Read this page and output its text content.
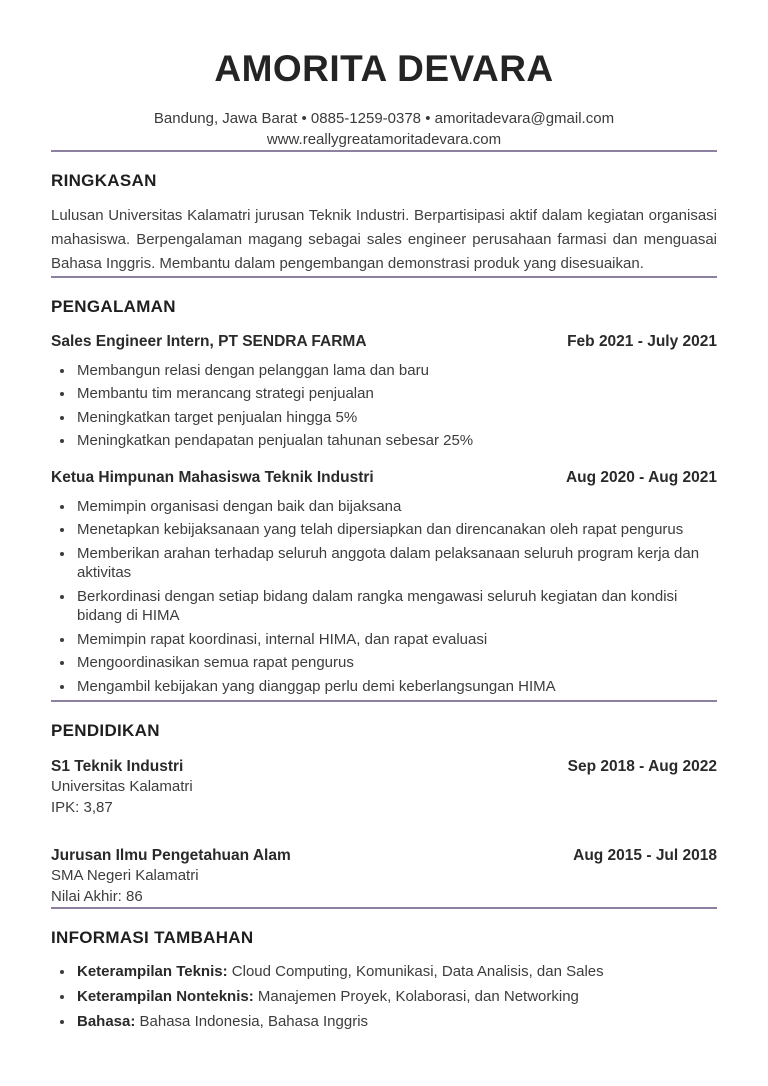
AMORITA DEVARA
Bandung, Jawa Barat • 0885-1259-0378 • amoritadevara@gmail.com
www.reallygreatamoritadevara.com
RINGKASAN

Lulusan Universitas Kalamatri jurusan Teknik Industri. Berpartisipasi aktif dalam kegiatan organisasi mahasiswa. Berpengalaman magang sebagai sales engineer perusahaan farmasi dan menguasai Bahasa Inggris. Membantu dalam pengembangan demonstrasi produk yang disesuaikan.

PENGALAMAN
Sales Engineer Intern, PT SENDRA FARMA	Feb 2021 - July 2021
• Membangun relasi dengan pelanggan lama dan baru
• Membantu tim merancang strategi penjualan
• Meningkatkan target penjualan hingga 5%
• Meningkatkan pendapatan penjualan tahunan sebesar 25%
Ketua Himpunan Mahasiswa Teknik Industri	Aug 2020 - Aug 2021
• Memimpin organisasi dengan baik dan bijaksana
• Menetapkan kebijaksanaan yang telah dipersiapkan dan direncanakan oleh rapat pengurus
• Memberikan arahan terhadap seluruh anggota dalam pelaksanaan seluruh program kerja dan aktivitas
• Berkordinasi dengan setiap bidang dalam rangka mengawasi seluruh kegiatan dan kondisi bidang di HIMA
• Memimpin rapat koordinasi, internal HIMA, dan rapat evaluasi
• Mengoordinasikan semua rapat pengurus
• Mengambil kebijakan yang dianggap perlu demi keberlangsungan HIMA
PENDIDIKAN
S1 Teknik Industri	Sep 2018 - Aug 2022

Universitas Kalamatri

IPK: 3,87

Jurusan Ilmu Pengetahuan Alam	Aug 2015 - Jul 2018

SMA Negeri Kalamatri

Nilai Akhir: 86

INFORMASI TAMBAHAN
• Keterampilan Teknis: Cloud Computing, Komunikasi, Data Analisis, dan Sales
• Keterampilan Nonteknis: Manajemen Proyek, Kolaborasi, dan Networking
• Bahasa: Bahasa Indonesia, Bahasa Inggris
